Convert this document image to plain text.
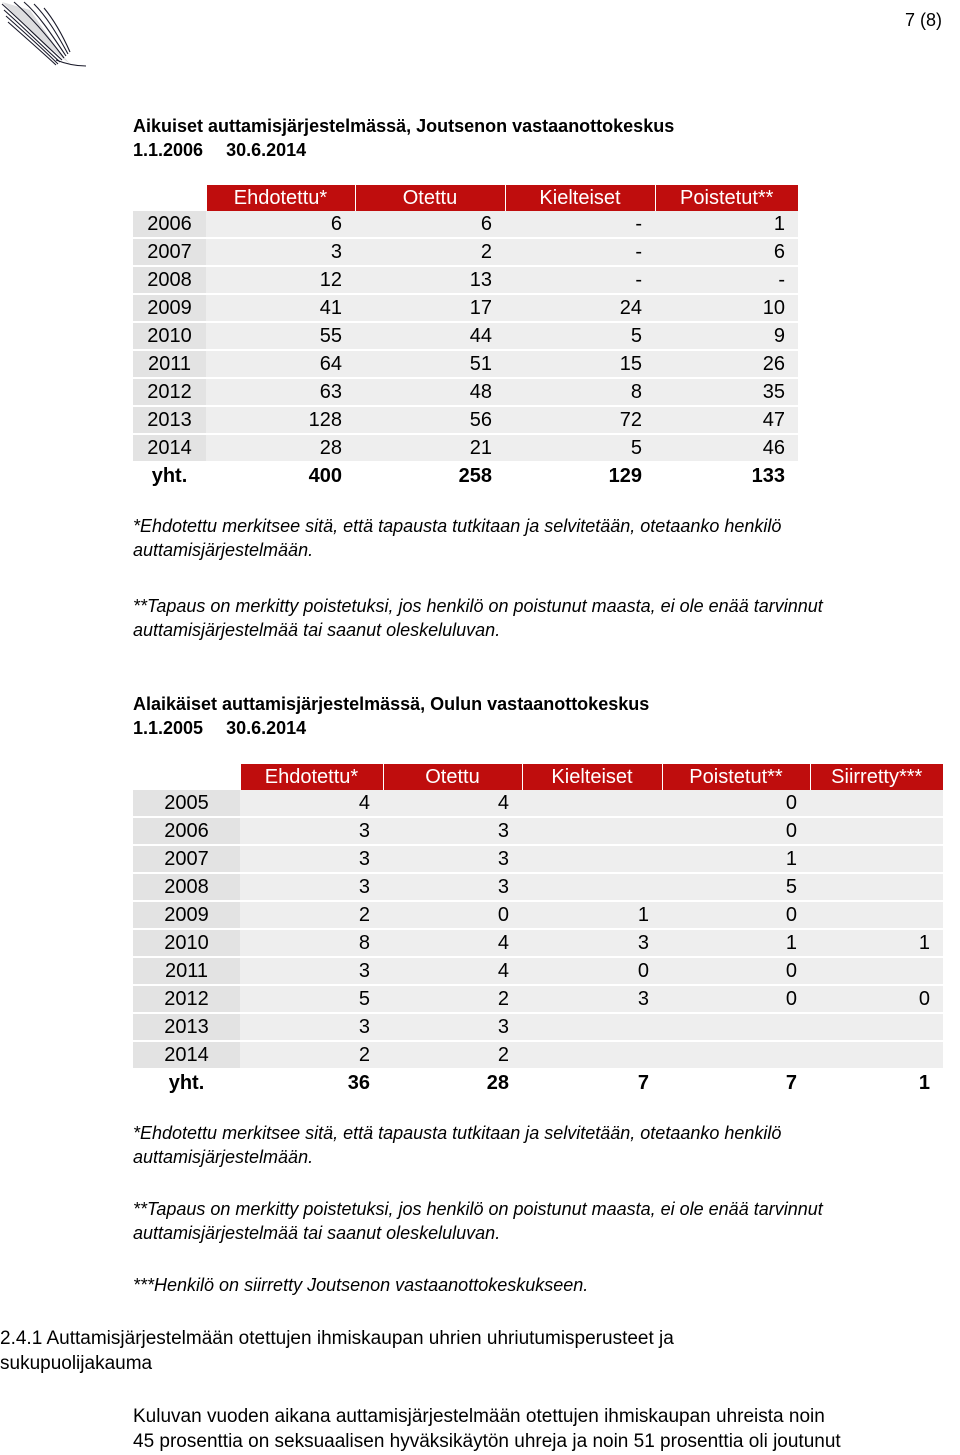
7 (8)
Aikuiset auttamisjärjestelmässä, Joutsenon vastaanottokeskus
1.1.2006  30.6.2014
	Ehdotettu*	Otettu	Kielteiset	Poistetut**
2006	6	6	-	1
2007	3	2	-	6
2008	12	13	-	-
2009	41	17	24	10
2010	55	44	5	9
2011	64	51	15	26
2012	63	48	8	35
2013	128	56	72	47
2014	28	21	5	46
yht.	400	258	129	133
*Ehdotettu merkitsee sitä, että tapausta tutkitaan ja selvitetään, otetaanko henkilö auttamisjärjestelmään.
**Tapaus on merkitty poistetuksi, jos henkilö on poistunut maasta, ei ole enää tarvinnut auttamisjärjestelmää tai saanut oleskeluluvan.
Alaikäiset auttamisjärjestelmässä, Oulun vastaanottokeskus
1.1.2005  30.6.2014
	Ehdotettu*	Otettu	Kielteiset	Poistetut**	Siirretty***
2005	4	4		0	
2006	3	3		0	
2007	3	3		1	
2008	3	3		5	
2009	2	0	1	0	
2010	8	4	3	1	1
2011	3	4	0	0	
2012	5	2	3	0	0
2013	3	3			
2014	2	2			
yht.	36	28	7	7	1
*Ehdotettu merkitsee sitä, että tapausta tutkitaan ja selvitetään, otetaanko henkilö auttamisjärjestelmään.
**Tapaus on merkitty poistetuksi, jos henkilö on poistunut maasta, ei ole enää tarvinnut auttamisjärjestelmää tai saanut oleskeluluvan.
***Henkilö on siirretty Joutsenon vastaanottokeskukseen.
2.4.1 Auttamisjärjestelmään otettujen ihmiskaupan uhrien uhriutumisperusteet ja sukupuolijakauma
Kuluvan vuoden aikana auttamisjärjestelmään otettujen ihmiskaupan uhreista noin
45 prosenttia on seksuaalisen hyväksikäytön uhreja ja noin 51 prosenttia oli joutunut
